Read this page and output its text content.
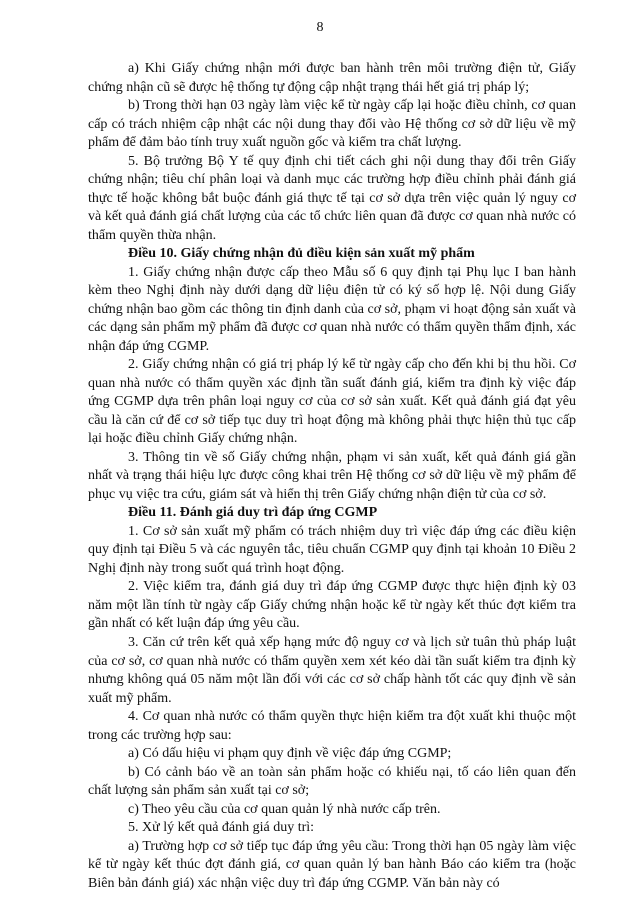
8

a) Khi Giấy chứng nhận mới được ban hành trên môi trường điện tử, Giấy chứng nhận cũ sẽ được hệ thống tự động cập nhật trạng thái hết giá trị pháp lý;

b) Trong thời hạn 03 ngày làm việc kể từ ngày cấp lại hoặc điều chỉnh, cơ quan cấp có trách nhiệm cập nhật các nội dung thay đổi vào Hệ thống cơ sở dữ liệu về mỹ phẩm để đảm bảo tính truy xuất nguồn gốc và kiểm tra chất lượng.

5. Bộ trưởng Bộ Y tế quy định chi tiết cách ghi nội dung thay đổi trên Giấy chứng nhận; tiêu chí phân loại và danh mục các trường hợp điều chỉnh phải đánh giá thực tế hoặc không bắt buộc đánh giá thực tế tại cơ sở dựa trên việc quản lý nguy cơ và kết quả đánh giá chất lượng của các tổ chức liên quan đã được cơ quan nhà nước có thẩm quyền thừa nhận.

Điều 10. Giấy chứng nhận đủ điều kiện sản xuất mỹ phẩm

1. Giấy chứng nhận được cấp theo Mẫu số 6 quy định tại Phụ lục I ban hành kèm theo Nghị định này dưới dạng dữ liệu điện tử có ký số hợp lệ. Nội dung Giấy chứng nhận bao gồm các thông tin định danh của cơ sở, phạm vi hoạt động sản xuất và các dạng sản phẩm mỹ phẩm đã được cơ quan nhà nước có thẩm quyền thẩm định, xác nhận đáp ứng CGMP.

2. Giấy chứng nhận có giá trị pháp lý kể từ ngày cấp cho đến khi bị thu hồi. Cơ quan nhà nước có thẩm quyền xác định tần suất đánh giá, kiểm tra định kỳ việc đáp ứng CGMP dựa trên phân loại nguy cơ của cơ sở sản xuất. Kết quả đánh giá đạt yêu cầu là căn cứ để cơ sở tiếp tục duy trì hoạt động mà không phải thực hiện thủ tục cấp lại hoặc điều chỉnh Giấy chứng nhận.

3. Thông tin về số Giấy chứng nhận, phạm vi sản xuất, kết quả đánh giá gần nhất và trạng thái hiệu lực được công khai trên Hệ thống cơ sở dữ liệu về mỹ phẩm để phục vụ việc tra cứu, giám sát và hiển thị trên Giấy chứng nhận điện tử của cơ sở.

Điều 11. Đánh giá duy trì đáp ứng CGMP

1. Cơ sở sản xuất mỹ phẩm có trách nhiệm duy trì việc đáp ứng các điều kiện quy định tại Điều 5 và các nguyên tắc, tiêu chuẩn CGMP quy định tại khoản 10 Điều 2 Nghị định này trong suốt quá trình hoạt động.

2. Việc kiểm tra, đánh giá duy trì đáp ứng CGMP được thực hiện định kỳ 03 năm một lần tính từ ngày cấp Giấy chứng nhận hoặc kể từ ngày kết thúc đợt kiểm tra gần nhất có kết luận đáp ứng yêu cầu.

3. Căn cứ trên kết quả xếp hạng mức độ nguy cơ và lịch sử tuân thủ pháp luật của cơ sở, cơ quan nhà nước có thẩm quyền xem xét kéo dài tần suất kiểm tra định kỳ nhưng không quá 05 năm một lần đối với các cơ sở chấp hành tốt các quy định về sản xuất mỹ phẩm.

4. Cơ quan nhà nước có thẩm quyền thực hiện kiểm tra đột xuất khi thuộc một trong các trường hợp sau:

a) Có dấu hiệu vi phạm quy định về việc đáp ứng CGMP;

b) Có cảnh báo về an toàn sản phẩm hoặc có khiếu nại, tố cáo liên quan đến chất lượng sản phẩm sản xuất tại cơ sở;

c) Theo yêu cầu của cơ quan quản lý nhà nước cấp trên.

5. Xử lý kết quả đánh giá duy trì:

a) Trường hợp cơ sở tiếp tục đáp ứng yêu cầu: Trong thời hạn 05 ngày làm việc kể từ ngày kết thúc đợt đánh giá, cơ quan quản lý ban hành Báo cáo kiểm tra (hoặc Biên bản đánh giá) xác nhận việc duy trì đáp ứng CGMP. Văn bản này có
